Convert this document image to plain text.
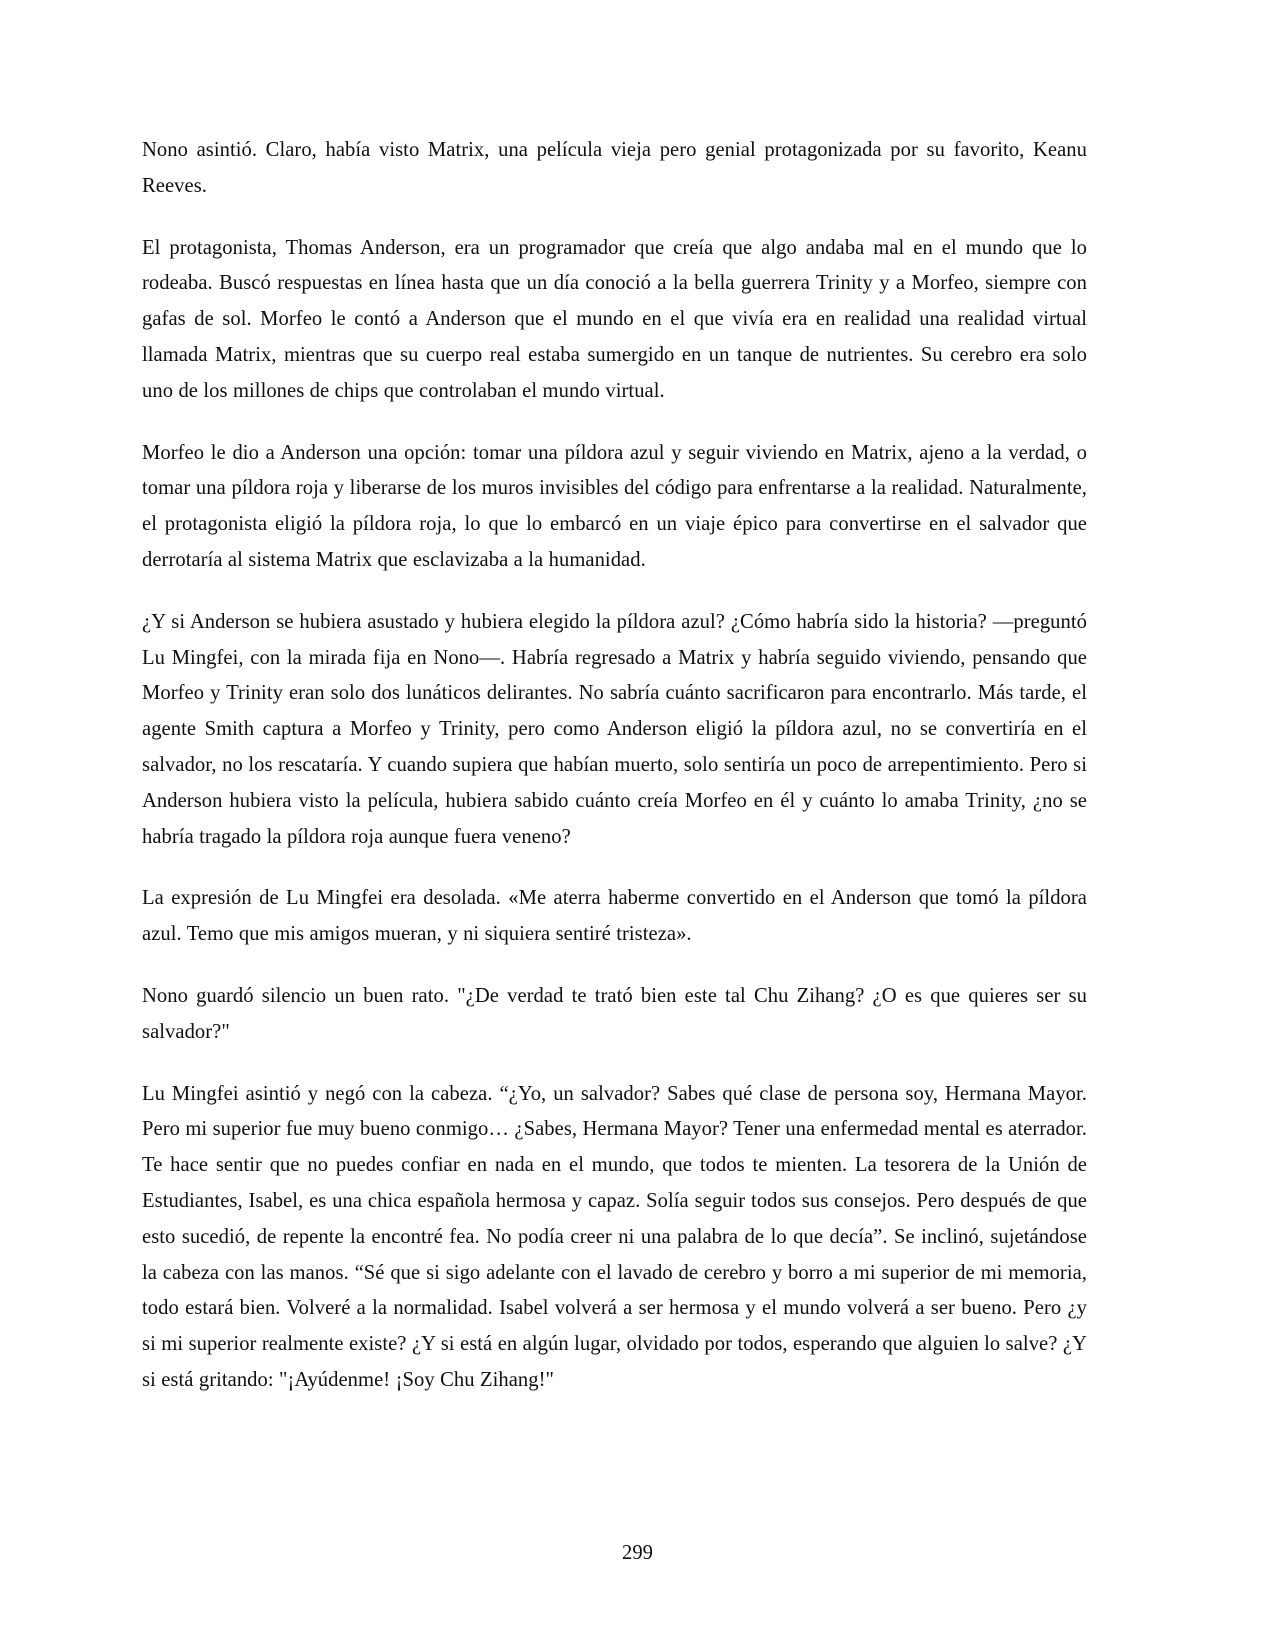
Nono asintió. Claro, había visto Matrix, una película vieja pero genial protagonizada por su favorito, Keanu Reeves.

El protagonista, Thomas Anderson, era un programador que creía que algo andaba mal en el mundo que lo rodeaba. Buscó respuestas en línea hasta que un día conoció a la bella guerrera Trinity y a Morfeo, siempre con gafas de sol. Morfeo le contó a Anderson que el mundo en el que vivía era en realidad una realidad virtual llamada Matrix, mientras que su cuerpo real estaba sumergido en un tanque de nutrientes. Su cerebro era solo uno de los millones de chips que controlaban el mundo virtual.

Morfeo le dio a Anderson una opción: tomar una píldora azul y seguir viviendo en Matrix, ajeno a la verdad, o tomar una píldora roja y liberarse de los muros invisibles del código para enfrentarse a la realidad. Naturalmente, el protagonista eligió la píldora roja, lo que lo embarcó en un viaje épico para convertirse en el salvador que derrotaría al sistema Matrix que esclavizaba a la humanidad.

¿Y si Anderson se hubiera asustado y hubiera elegido la píldora azul? ¿Cómo habría sido la historia? —preguntó Lu Mingfei, con la mirada fija en Nono—. Habría regresado a Matrix y habría seguido viviendo, pensando que Morfeo y Trinity eran solo dos lunáticos delirantes. No sabría cuánto sacrificaron para encontrarlo. Más tarde, el agente Smith captura a Morfeo y Trinity, pero como Anderson eligió la píldora azul, no se convertiría en el salvador, no los rescataría. Y cuando supiera que habían muerto, solo sentiría un poco de arrepentimiento. Pero si Anderson hubiera visto la película, hubiera sabido cuánto creía Morfeo en él y cuánto lo amaba Trinity, ¿no se habría tragado la píldora roja aunque fuera veneno?

La expresión de Lu Mingfei era desolada. «Me aterra haberme convertido en el Anderson que tomó la píldora azul. Temo que mis amigos mueran, y ni siquiera sentiré tristeza».

Nono guardó silencio un buen rato. "¿De verdad te trató bien este tal Chu Zihang? ¿O es que quieres ser su salvador?"

Lu Mingfei asintió y negó con la cabeza. “¿Yo, un salvador? Sabes qué clase de persona soy, Hermana Mayor. Pero mi superior fue muy bueno conmigo… ¿Sabes, Hermana Mayor? Tener una enfermedad mental es aterrador. Te hace sentir que no puedes confiar en nada en el mundo, que todos te mienten. La tesorera de la Unión de Estudiantes, Isabel, es una chica española hermosa y capaz. Solía seguir todos sus consejos. Pero después de que esto sucedió, de repente la encontré fea. No podía creer ni una palabra de lo que decía”. Se inclinó, sujetándose la cabeza con las manos. “Sé que si sigo adelante con el lavado de cerebro y borro a mi superior de mi memoria, todo estará bien. Volveré a la normalidad. Isabel volverá a ser hermosa y el mundo volverá a ser bueno. Pero ¿y si mi superior realmente existe? ¿Y si está en algún lugar, olvidado por todos, esperando que alguien lo salve? ¿Y si está gritando: "¡Ayúdenme! ¡Soy Chu Zihang!"

299
